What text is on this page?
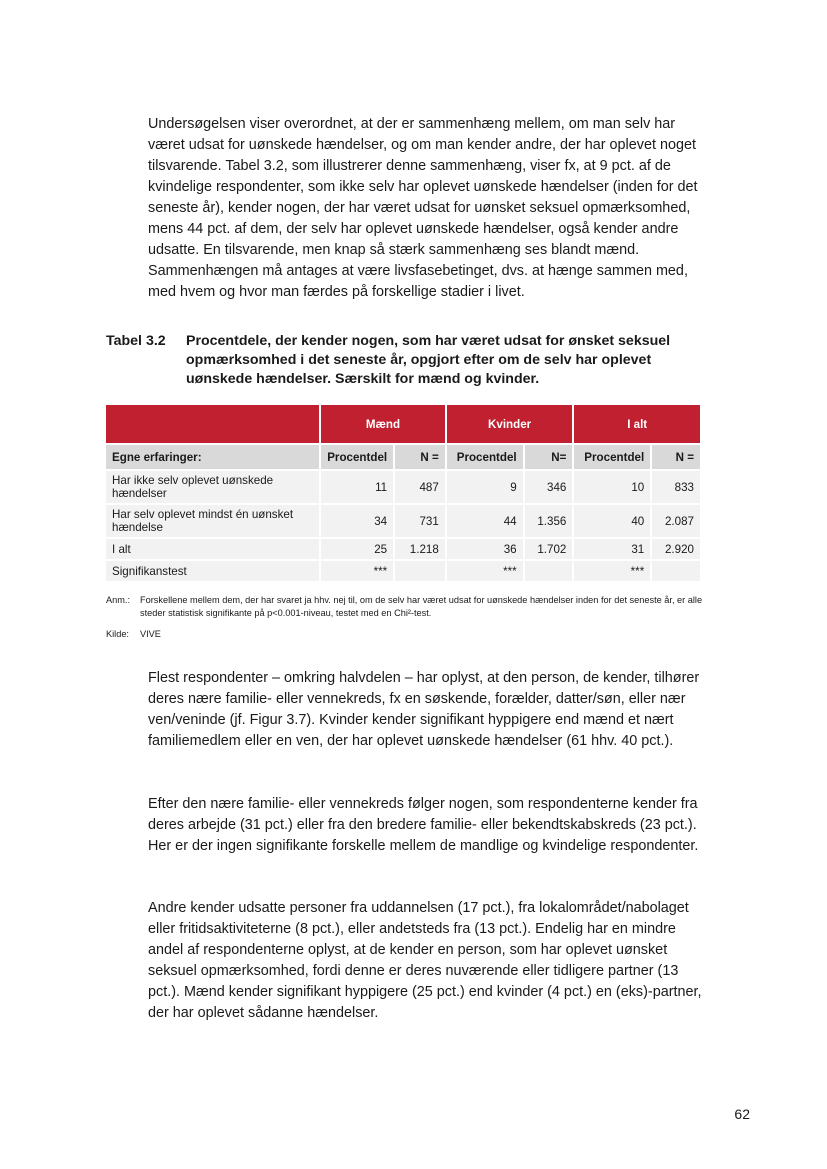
Undersøgelsen viser overordnet, at der er sammenhæng mellem, om man selv har været udsat for uønskede hændelser, og om man kender andre, der har oplevet noget tilsvarende. Tabel 3.2, som illustrerer denne sammenhæng, viser fx, at 9 pct. af de kvindelige respondenter, som ikke selv har oplevet uønskede hændelser (inden for det seneste år), kender nogen, der har været udsat for uønsket seksuel opmærksomhed, mens 44 pct. af dem, der selv har oplevet uønskede hændelser, også kender andre udsatte. En tilsvarende, men knap så stærk sammenhæng ses blandt mænd. Sammenhængen må antages at være livsfasebetinget, dvs. at hænge sammen med, med hvem og hvor man færdes på forskellige stadier i livet.

Tabel 3.2	Procentdele, der kender nogen, som har været udsat for ønsket seksuel opmærksomhed i det seneste år, opgjort efter om de selv har oplevet uønskede hændelser. Særskilt for mænd og kvinder.
	Mænd		Kvinder		I alt	
Egne erfaringer:	Procentdel	N =	Procentdel	N=	Procentdel	N =
Har ikke selv oplevet uønskede hændelser	11	487	9	346	10	833
Har selv oplevet mindst én uønsket hændelse	34	731	44	1.356	40	2.087
I alt	25	1.218	36	1.702	31	2.920
Signifikanstest	***		***		***	
Anm.:	Forskellene mellem dem, der har svaret ja hhv. nej til, om de selv har været udsat for uønskede hændelser inden for det seneste år, er alle steder statistisk signifikante på p<0.001-niveau, testet med en Chi²-test.
Kilde:	VIVE

Flest respondenter – omkring halvdelen – har oplyst, at den person, de kender, tilhører deres nære familie- eller vennekreds, fx en søskende, forælder, datter/søn, eller nær ven/veninde (jf. Figur 3.7). Kvinder kender signifikant hyppigere end mænd et nært familiemedlem eller en ven, der har oplevet uønskede hændelser (61 hhv. 40 pct.).

Efter den nære familie- eller vennekreds følger nogen, som respondenterne kender fra deres arbejde (31 pct.) eller fra den bredere familie- eller bekendtskabskreds (23 pct.). Her er der ingen signifikante forskelle mellem de mandlige og kvindelige respondenter.

Andre kender udsatte personer fra uddannelsen (17 pct.), fra lokalområdet/nabolaget eller fritidsaktiviteterne (8 pct.), eller andetsteds fra (13 pct.). Endelig har en mindre andel af respondenterne oplyst, at de kender en person, som har oplevet uønsket seksuel opmærksomhed, fordi denne er deres nuværende eller tidligere partner (13 pct.). Mænd kender signifikant hyppigere (25 pct.) end kvinder (4 pct.) en (eks)-partner, der har oplevet sådanne hændelser.

62
